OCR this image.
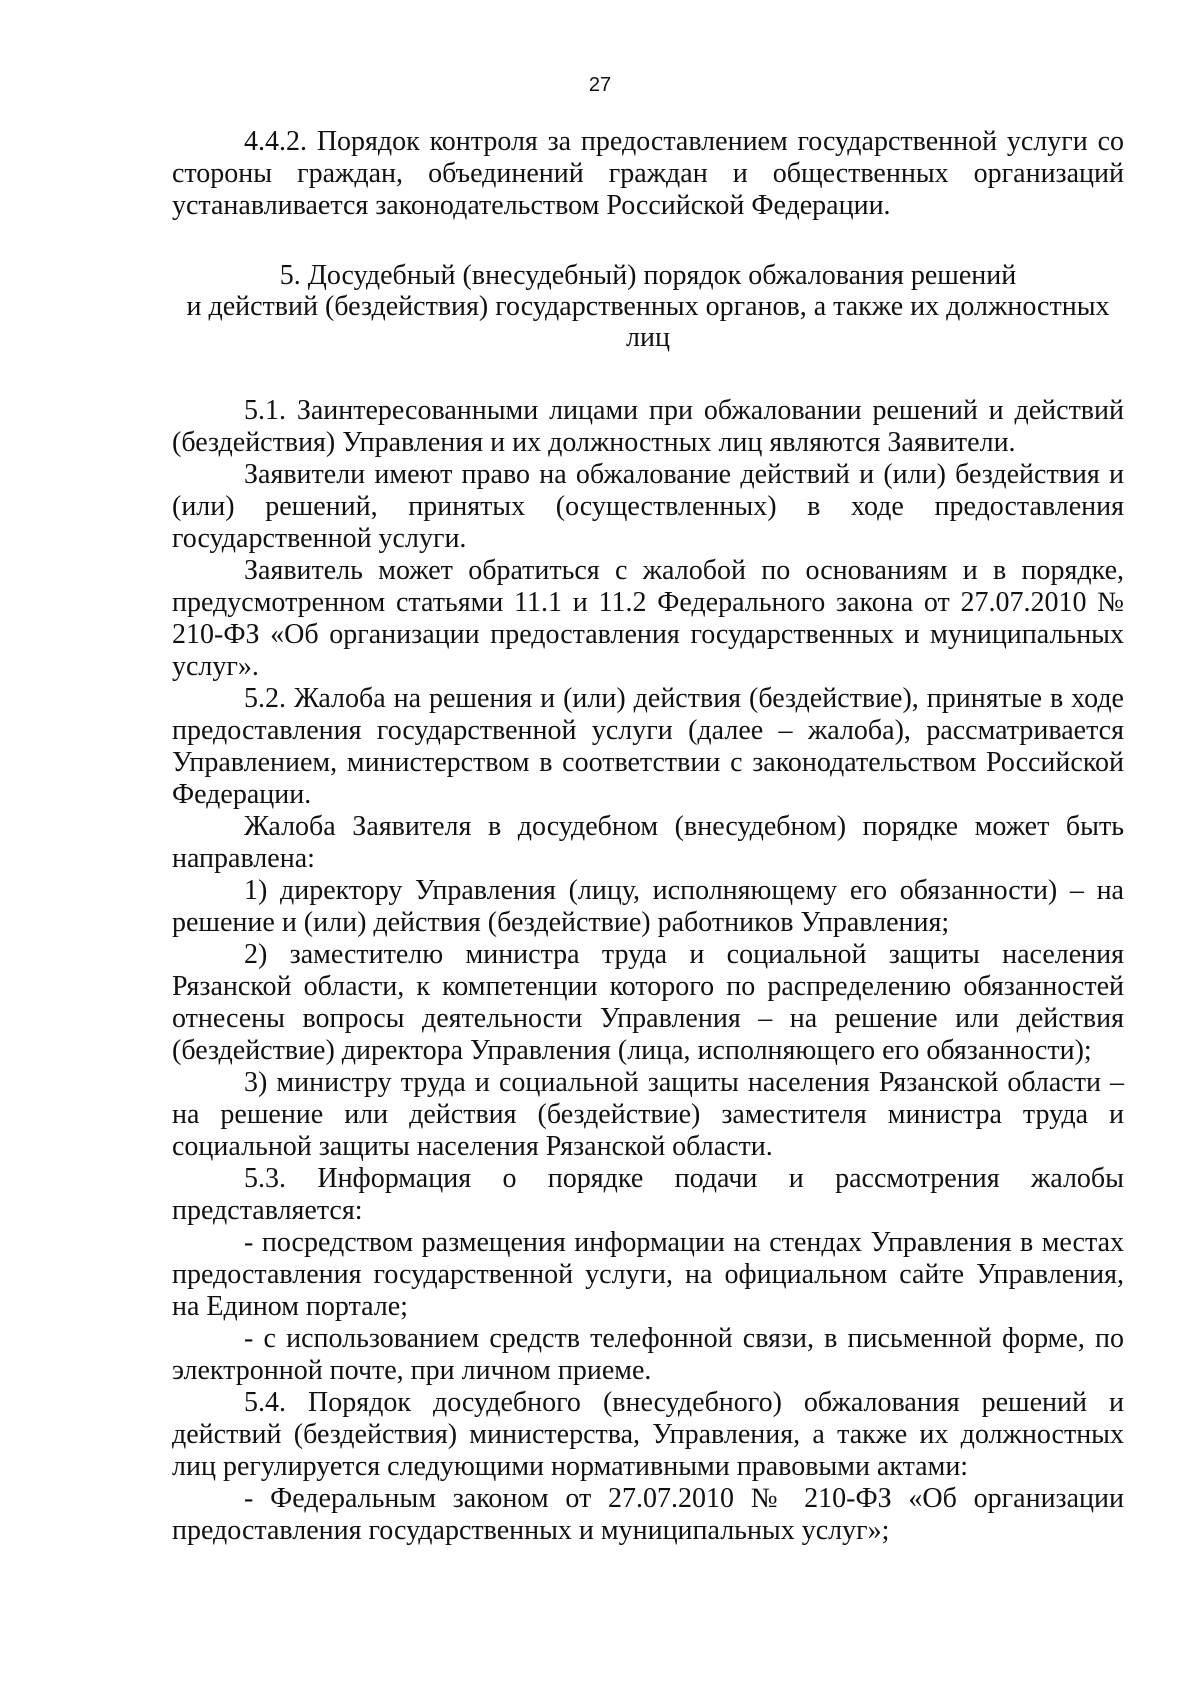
27

4.4.2. Порядок контроля за предоставлением государственной услуги со стороны граждан, объединений граждан и общественных организаций устанавливается законодательством Российской Федерации.

5. Досудебный (внесудебный) порядок обжалования решений

и действий (бездействия) государственных органов, а также их должностных

лиц

5.1. Заинтересованными лицами при обжаловании решений и действий (бездействия) Управления и их должностных лиц являются Заявители.

Заявители имеют право на обжалование действий и (или) бездействия и (или) решений, принятых (осуществленных) в ходе предоставления государственной услуги.

Заявитель может обратиться с жалобой по основаниям и в порядке, предусмотренном статьями 11.1 и 11.2 Федерального закона от 27.07.2010 № 210-ФЗ «Об организации предоставления государственных и муниципальных услуг».

5.2. Жалоба на решения и (или) действия (бездействие), принятые в ходе предоставления государственной услуги (далее – жалоба), рассматривается Управлением, министерством в соответствии с законодательством Российской Федерации.

Жалоба Заявителя в досудебном (внесудебном) порядке может быть направлена:

1) директору Управления (лицу, исполняющему его обязанности) – на решение и (или) действия (бездействие) работников Управления;

2) заместителю министра труда и социальной защиты населения Рязанской области, к компетенции которого по распределению обязанностей отнесены вопросы деятельности Управления – на решение или действия (бездействие) директора Управления (лица, исполняющего его обязанности);

3) министру труда и социальной защиты населения Рязанской области – на решение или действия (бездействие) заместителя министра труда и социальной защиты населения Рязанской области.

5.3. Информация о порядке подачи и рассмотрения жалобы представляется:

- посредством размещения информации на стендах Управления в местах предоставления государственной услуги, на официальном сайте Управления, на Едином портале;

- с использованием средств телефонной связи, в письменной форме, по электронной почте, при личном приеме.

5.4. Порядок досудебного (внесудебного) обжалования решений и действий (бездействия) министерства, Управления, а также их должностных лиц регулируется следующими нормативными правовыми актами:

- Федеральным законом от 27.07.2010 № 210-ФЗ «Об организации предоставления государственных и муниципальных услуг»;
